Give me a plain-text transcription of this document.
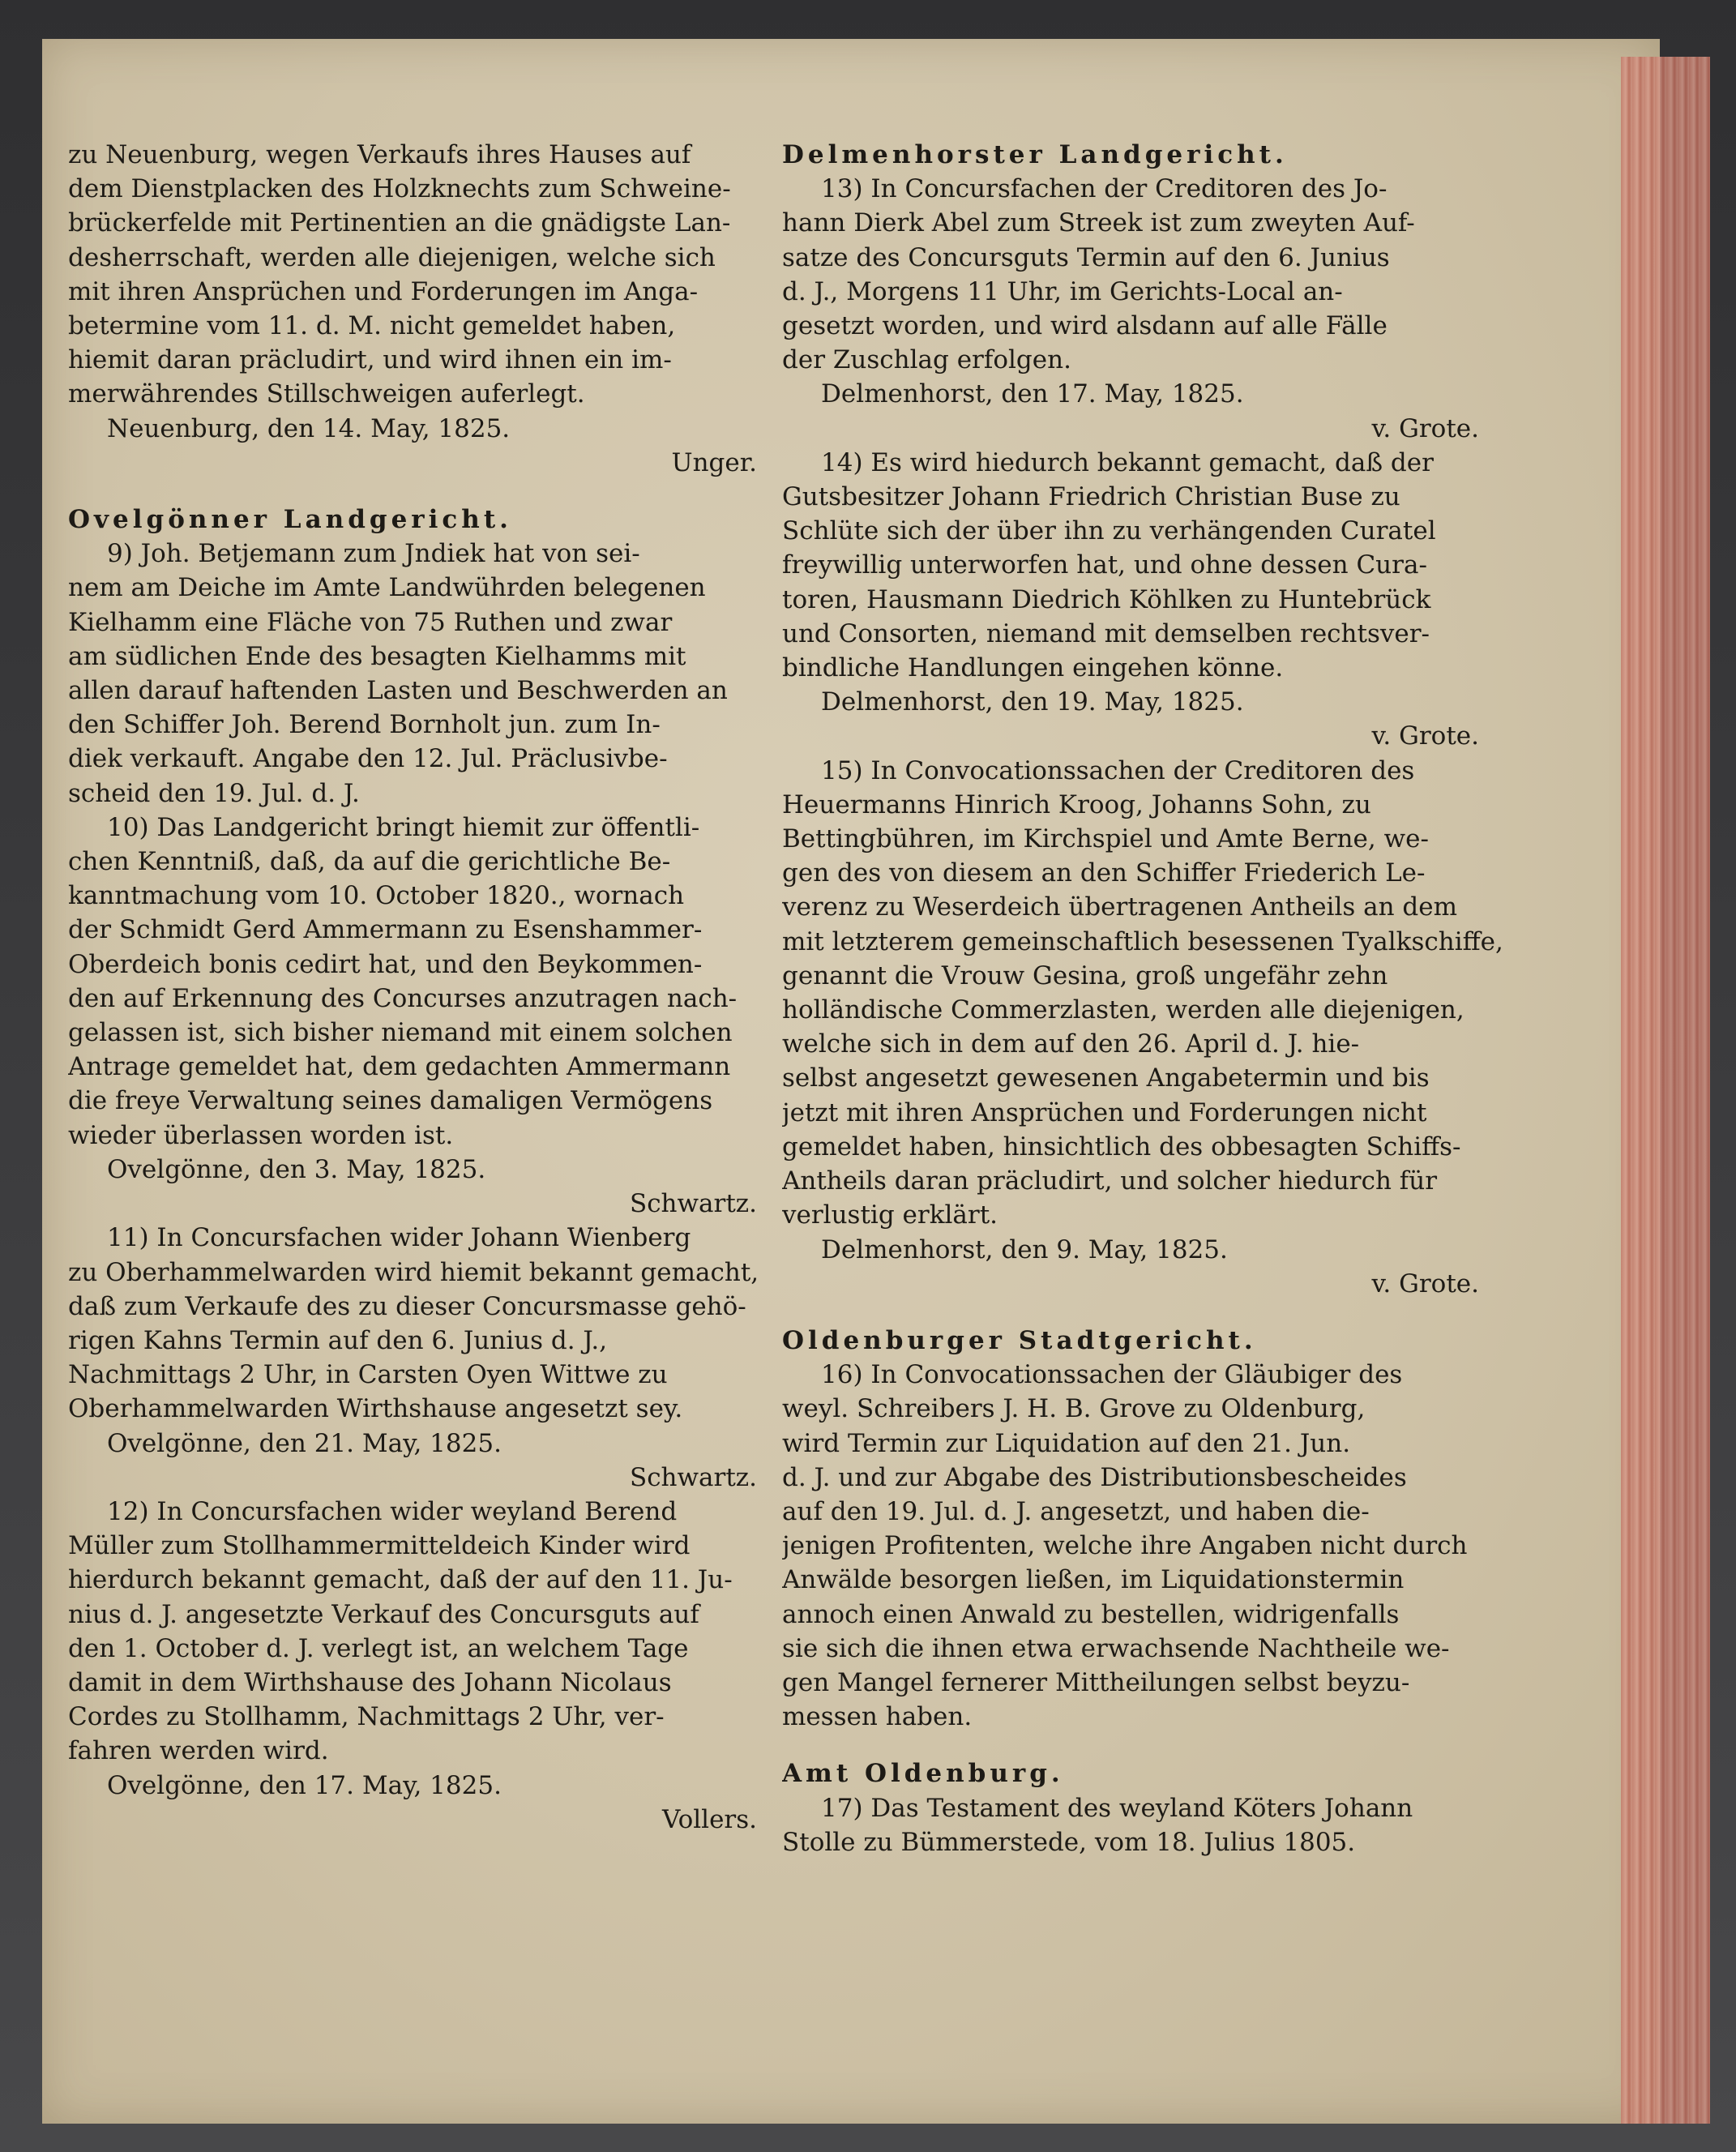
zu Neuenburg, wegen Verkaufs ihres Hauses auf
dem Dienstplacken des Holzknechts zum Schweine-
brückerfelde mit Pertinentien an die gnädigste Lan-
desherrschaft, werden alle diejenigen, welche sich
mit ihren Ansprüchen und Forderungen im Anga-
betermine vom 11. d. M. nicht gemeldet haben,
hiemit daran präcludirt, und wird ihnen ein im-
merwährendes Stillschweigen auferlegt.
Neuenburg, den 14. May, 1825.
Unger.
Ovelgönner Landgericht.
9) Joh. Betjemann zum Jndiek hat von sei-
nem am Deiche im Amte Landwührden belegenen
Kielhamm eine Fläche von 75 Ruthen und zwar
am südlichen Ende des besagten Kielhamms mit
allen darauf haftenden Lasten und Beschwerden an
den Schiffer Joh. Berend Bornholt jun. zum In-
diek verkauft. Angabe den 12. Jul. Präclusivbe-
scheid den 19. Jul. d. J.
10) Das Landgericht bringt hiemit zur öffentli-
chen Kenntniß, daß, da auf die gerichtliche Be-
kanntmachung vom 10. October 1820., wornach
der Schmidt Gerd Ammermann zu Esenshammer-
Oberdeich bonis cedirt hat, und den Beykommen-
den auf Erkennung des Concurses anzutragen nach-
gelassen ist, sich bisher niemand mit einem solchen
Antrage gemeldet hat, dem gedachten Ammermann
die freye Verwaltung seines damaligen Vermögens
wieder überlassen worden ist.
Ovelgönne, den 3. May, 1825.
Schwartz.
11) In Concursfachen wider Johann Wienberg
zu Oberhammelwarden wird hiemit bekannt gemacht,
daß zum Verkaufe des zu dieser Concursmasse gehö-
rigen Kahns Termin auf den 6. Junius d. J.,
Nachmittags 2 Uhr, in Carsten Oyen Wittwe zu
Oberhammelwarden Wirthshause angesetzt sey.
Ovelgönne, den 21. May, 1825.
Schwartz.
12) In Concursfachen wider weyland Berend
Müller zum Stollhammermitteldeich Kinder wird
hierdurch bekannt gemacht, daß der auf den 11. Ju-
nius d. J. angesetzte Verkauf des Concursguts auf
den 1. October d. J. verlegt ist, an welchem Tage
damit in dem Wirthshause des Johann Nicolaus
Cordes zu Stollhamm, Nachmittags 2 Uhr, ver-
fahren werden wird.
Ovelgönne, den 17. May, 1825.
Vollers.
Delmenhorster Landgericht.
13) In Concursfachen der Creditoren des Jo-
hann Dierk Abel zum Streek ist zum zweyten Auf-
satze des Concursguts Termin auf den 6. Junius
d. J., Morgens 11 Uhr, im Gerichts-Local an-
gesetzt worden, und wird alsdann auf alle Fälle
der Zuschlag erfolgen.
Delmenhorst, den 17. May, 1825.
v. Grote.
14) Es wird hiedurch bekannt gemacht, daß der
Gutsbesitzer Johann Friedrich Christian Buse zu
Schlüte sich der über ihn zu verhängenden Curatel
freywillig unterworfen hat, und ohne dessen Cura-
toren, Hausmann Diedrich Köhlken zu Huntebrück
und Consorten, niemand mit demselben rechtsver-
bindliche Handlungen eingehen könne.
Delmenhorst, den 19. May, 1825.
v. Grote.
15) In Convocationssachen der Creditoren des
Heuermanns Hinrich Kroog, Johanns Sohn, zu
Bettingbühren, im Kirchspiel und Amte Berne, we-
gen des von diesem an den Schiffer Friederich Le-
verenz zu Weserdeich übertragenen Antheils an dem
mit letzterem gemeinschaftlich besessenen Tyalkschiffe,
genannt die Vrouw Gesina, groß ungefähr zehn
holländische Commerzlasten, werden alle diejenigen,
welche sich in dem auf den 26. April d. J. hie-
selbst angesetzt gewesenen Angabetermin und bis
jetzt mit ihren Ansprüchen und Forderungen nicht
gemeldet haben, hinsichtlich des obbesagten Schiffs-
Antheils daran präcludirt, und solcher hiedurch für
verlustig erklärt.
Delmenhorst, den 9. May, 1825.
v. Grote.
Oldenburger Stadtgericht.
16) In Convocationssachen der Gläubiger des
weyl. Schreibers J. H. B. Grove zu Oldenburg,
wird Termin zur Liquidation auf den 21. Jun.
d. J. und zur Abgabe des Distributionsbescheides
auf den 19. Jul. d. J. angesetzt, und haben die-
jenigen Profitenten, welche ihre Angaben nicht durch
Anwälde besorgen ließen, im Liquidationstermin
annoch einen Anwald zu bestellen, widrigenfalls
sie sich die ihnen etwa erwachsende Nachtheile we-
gen Mangel fernerer Mittheilungen selbst beyzu-
messen haben.
Amt Oldenburg.
17) Das Testament des weyland Köters Johann
Stolle zu Bümmerstede, vom 18. Julius 1805.
